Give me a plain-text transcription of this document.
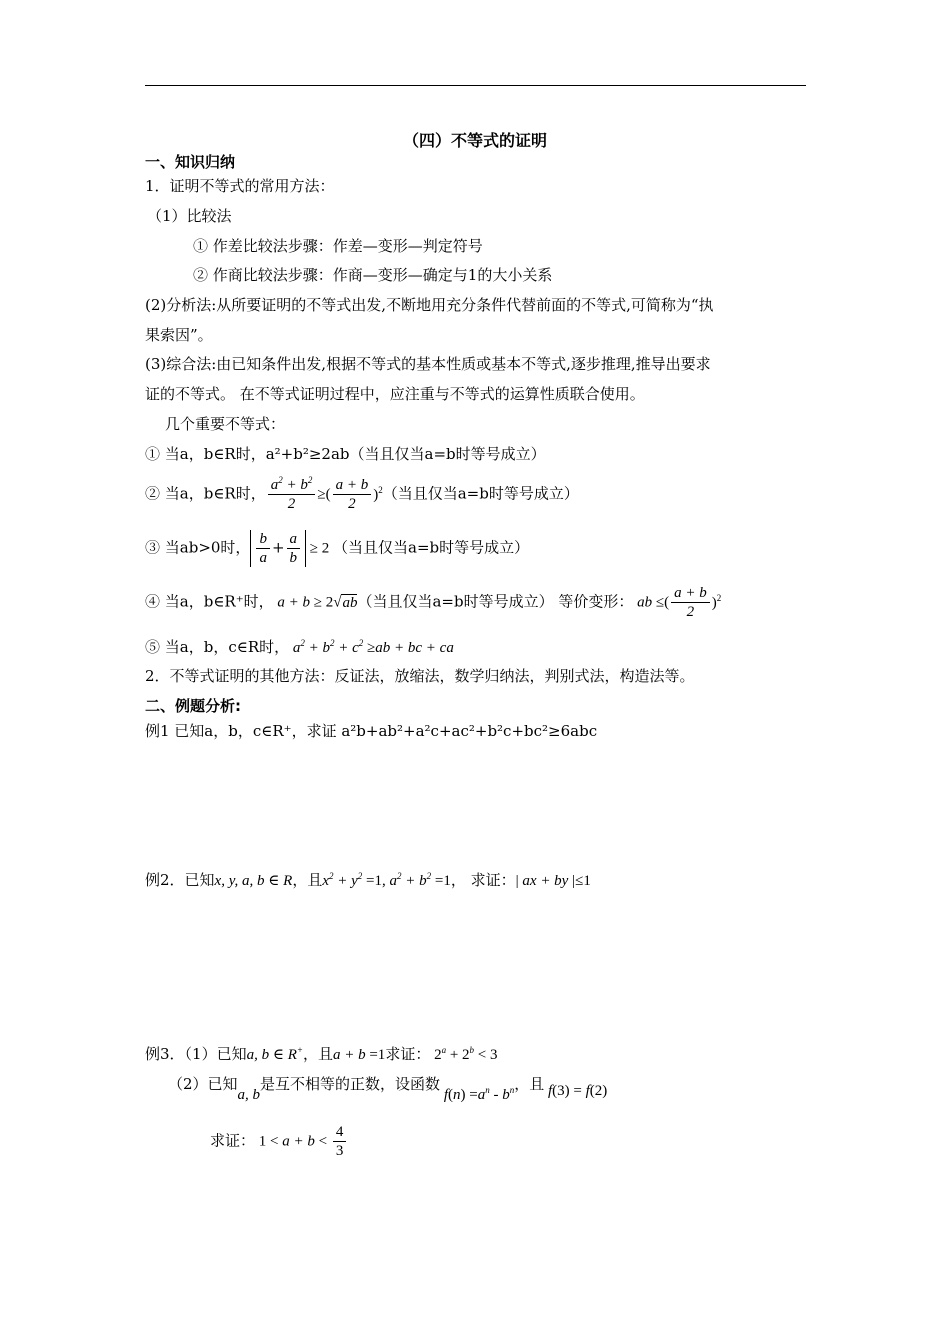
（四）不等式的证明
一、知识归纳
1．证明不等式的常用方法：
（1）比较法
① 作差比较法步骤：作差—变形—判定符号
② 作商比较法步骤：作商—变形—确定与1的大小关系
(2)分析法:从所要证明的不等式出发,不断地用充分条件代替前面的不等式,可简称为“执
果索因”。
(3)综合法:由已知条件出发,根据不等式的基本性质或基本不等式,逐步推理,推导出要求
证的不等式。 在不等式证明过程中，应注重与不等式的运算性质联合使用。
几个重要不等式：
① 当a，b∈R时，a²+b²≥2ab（当且仅当a=b时等号成立）
② 当a，b∈R时， $\frac{a^2 + b^2}{2}$ ≥( $\frac{a + b}{2} )^2$（当且仅当a=b时等号成立）
③ 当ab>0时， $\frac{b}{a} + \frac{a}{b} \ge 2$ （当且仅当a=b时等号成立）
④ 当a，b∈R⁺时， a + b ≥ 2√ab（当且仅当a=b时等号成立） 等价变形： ab ≤( $\frac{a + b}{2} )^2$
⑤ 当a，b，c∈R时， $a^2 + b^2 + c^2 \ge ab$ + bc + ca
2．不等式证明的其他方法：反证法，放缩法，数学归纳法，判别式法，构造法等。
二、例题分析:
例1 已知a，b，c∈R⁺，求证 a²b+ab²+a²c+ac²+b²c+bc²≥6abc
例2．已知x, y, a, b ∈ R，且$x^2 + y^2 =1$, $a^2 + b^2 =1$， 求证：| ax + by |≤1
例3．（1）已知a, b ∈ R+，且a + b =1求证： $2^a + 2^b < 3$
（2）已知a, b是互不相等的正数，设函数 $f(n) =a^n - b^n$，且 f(3) = f(2)
求证： $1 < a + b < \frac{4}{3}$
